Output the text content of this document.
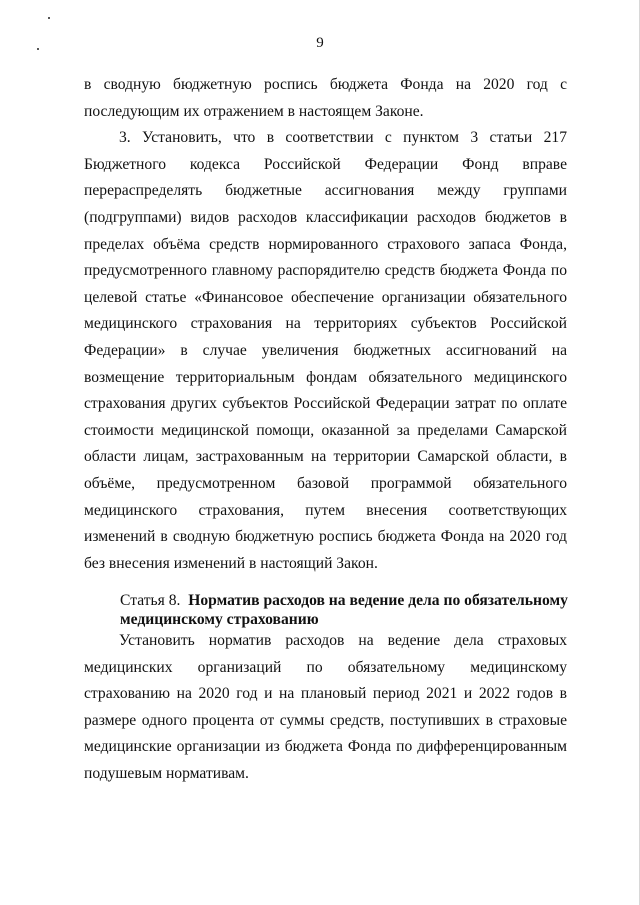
9

в сводную бюджетную роспись бюджета Фонда на 2020 год с последующим их отражением в настоящем Законе.

3. Установить, что в соответствии с пунктом 3 статьи 217 Бюджетного кодекса Российской Федерации Фонд вправе перераспределять бюджетные ассигнования между группами (подгруппами) видов расходов классификации расходов бюджетов в пределах объёма средств нормированного страхового запаса Фонда, предусмотренного главному распорядителю средств бюджета Фонда по целевой статье «Финансовое обеспечение организации обязательного медицинского страхования на территориях субъектов Российской Федерации» в случае увеличения бюджетных ассигнований на возмещение территориальным фондам обязательного медицинского страхования других субъектов Российской Федерации затрат по оплате стоимости медицинской помощи, оказанной за пределами Самарской области лицам, застрахованным на территории Самарской области, в объёме, предусмотренном базовой программой обязательного медицинского страхования, путем внесения соответствующих изменений в сводную бюджетную роспись бюджета Фонда на 2020 год без внесения изменений в настоящий Закон.

Статья 8. Норматив расходов на ведение дела по обязательному медицинскому страхованию

Установить норматив расходов на ведение дела страховых медицинских организаций по обязательному медицинскому страхованию на 2020 год и на плановый период 2021 и 2022 годов в размере одного процента от суммы средств, поступивших в страховые медицинские организации из бюджета Фонда по дифференцированным подушевым нормативам.
